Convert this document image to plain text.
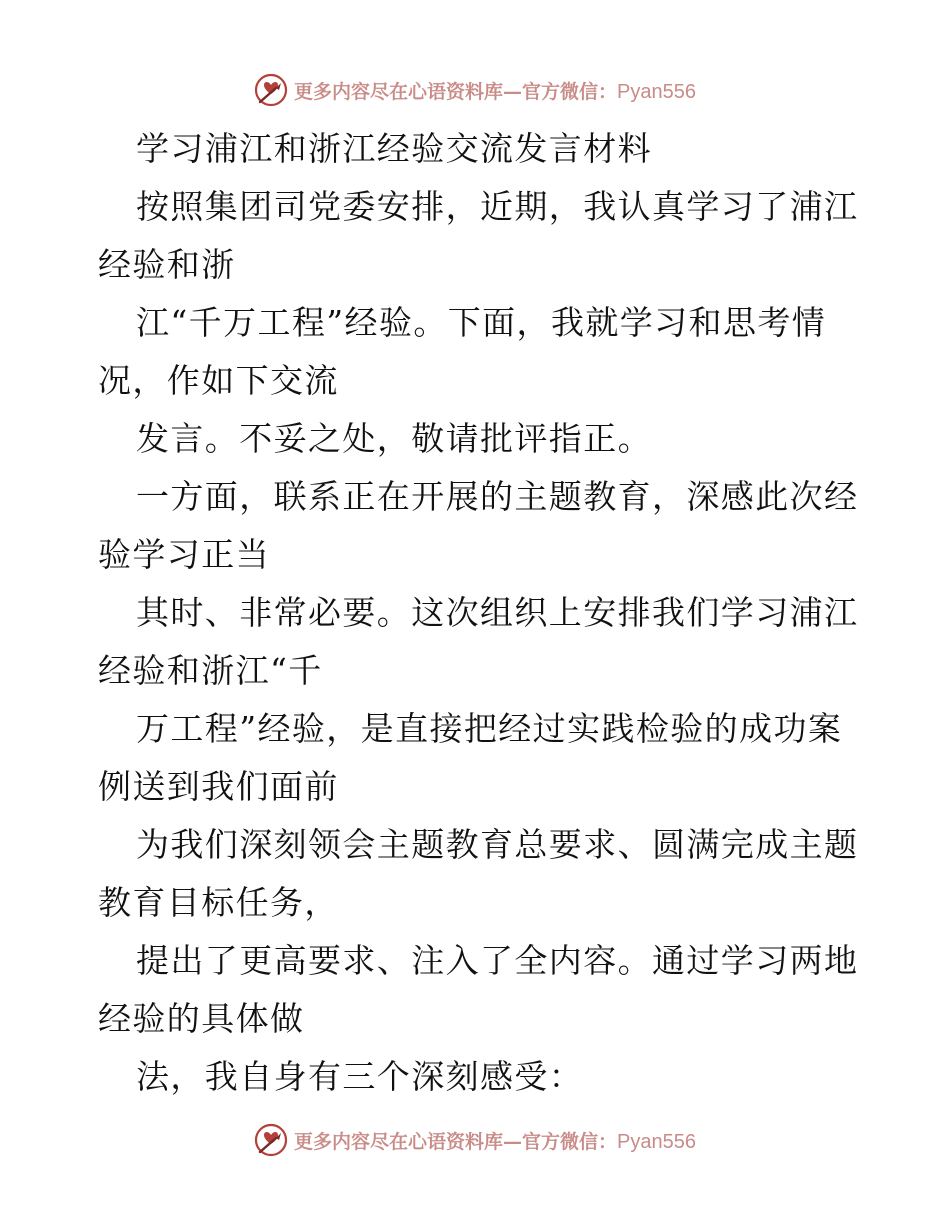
更多内容尽在心语资料库—官方微信：Pyan556
学习浦江和浙江经验交流发言材料
按照集团司党委安排，近期，我认真学习了浦江
经验和浙
江“千万工程”经验。下面，我就学习和思考情
况，作如下交流
发言。不妥之处，敬请批评指正。
一方面，联系正在开展的主题教育，深感此次经
验学习正当
其时、非常必要。这次组织上安排我们学习浦江
经验和浙江“千
万工程”经验，是直接把经过实践检验的成功案
例送到我们面前
为我们深刻领会主题教育总要求、圆满完成主题
教育目标任务，
提出了更高要求、注入了全内容。通过学习两地
经验的具体做
法，我自身有三个深刻感受：
更多内容尽在心语资料库—官方微信：Pyan556
